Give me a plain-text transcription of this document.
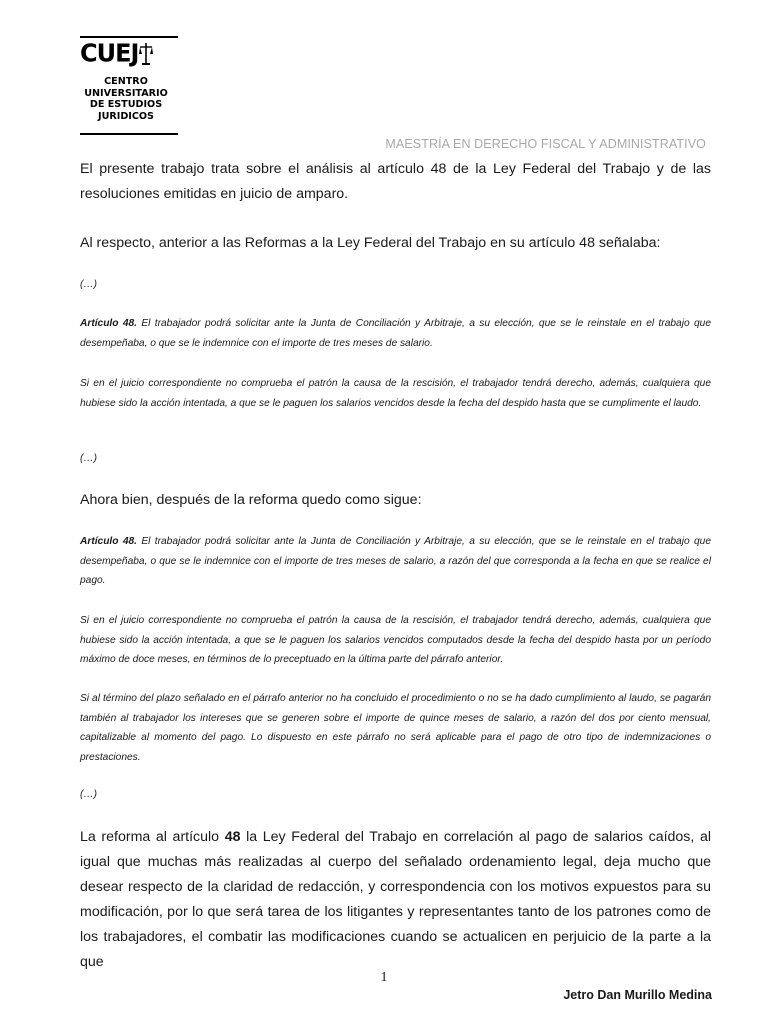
CUEJ
CENTRO
UNIVERSITARIO
DE ESTUDIOS
JURIDICOS
MAESTRÍA EN DERECHO FISCAL Y ADMINISTRATIVO

El presente trabajo trata sobre el análisis al artículo 48 de la Ley Federal del Trabajo y de las resoluciones emitidas en juicio de amparo.

Al respecto, anterior a las Reformas a la Ley Federal del Trabajo en su artículo 48 señalaba:

(…)

Artículo 48. El trabajador podrá solicitar ante la Junta de Conciliación y Arbitraje, a su elección, que se le reinstale en el trabajo que desempeñaba, o que se le indemnice con el importe de tres meses de salario.

Si en el juicio correspondiente no comprueba el patrón la causa de la rescisión, el trabajador tendrá derecho, además, cualquiera que hubiese sido la acción intentada, a que se le paguen los salarios vencidos desde la fecha del despido hasta que se cumplimente el laudo.

(…)

Ahora bien, después de la reforma quedo como sigue:

Artículo 48. El trabajador podrá solicitar ante la Junta de Conciliación y Arbitraje, a su elección, que se le reinstale en el trabajo que desempeñaba, o que se le indemnice con el importe de tres meses de salario, a razón del que corresponda a la fecha en que se realice el pago.

Si en el juicio correspondiente no comprueba el patrón la causa de la rescisión, el trabajador tendrá derecho, además, cualquiera que hubiese sido la acción intentada, a que se le paguen los salarios vencidos computados desde la fecha del despido hasta por un período máximo de doce meses, en términos de lo preceptuado en la última parte del párrafo anterior.

Si al término del plazo señalado en el párrafo anterior no ha concluido el procedimiento o no se ha dado cumplimiento al laudo, se pagarán también al trabajador los intereses que se generen sobre el importe de quince meses de salario, a razón del dos por ciento mensual, capitalizable al momento del pago. Lo dispuesto en este párrafo no será aplicable para el pago de otro tipo de indemnizaciones o prestaciones.

(…)

La reforma al artículo 48 la Ley Federal del Trabajo en correlación al pago de salarios caídos, al igual que muchas más realizadas al cuerpo del señalado ordenamiento legal, deja mucho que desear respecto de la claridad de redacción, y correspondencia con los motivos expuestos para su modificación, por lo que será tarea de los litigantes y representantes tanto de los patrones como de los trabajadores, el combatir las modificaciones cuando se actualicen en perjuicio de la parte a la que

1
Jetro Dan Murillo Medina
